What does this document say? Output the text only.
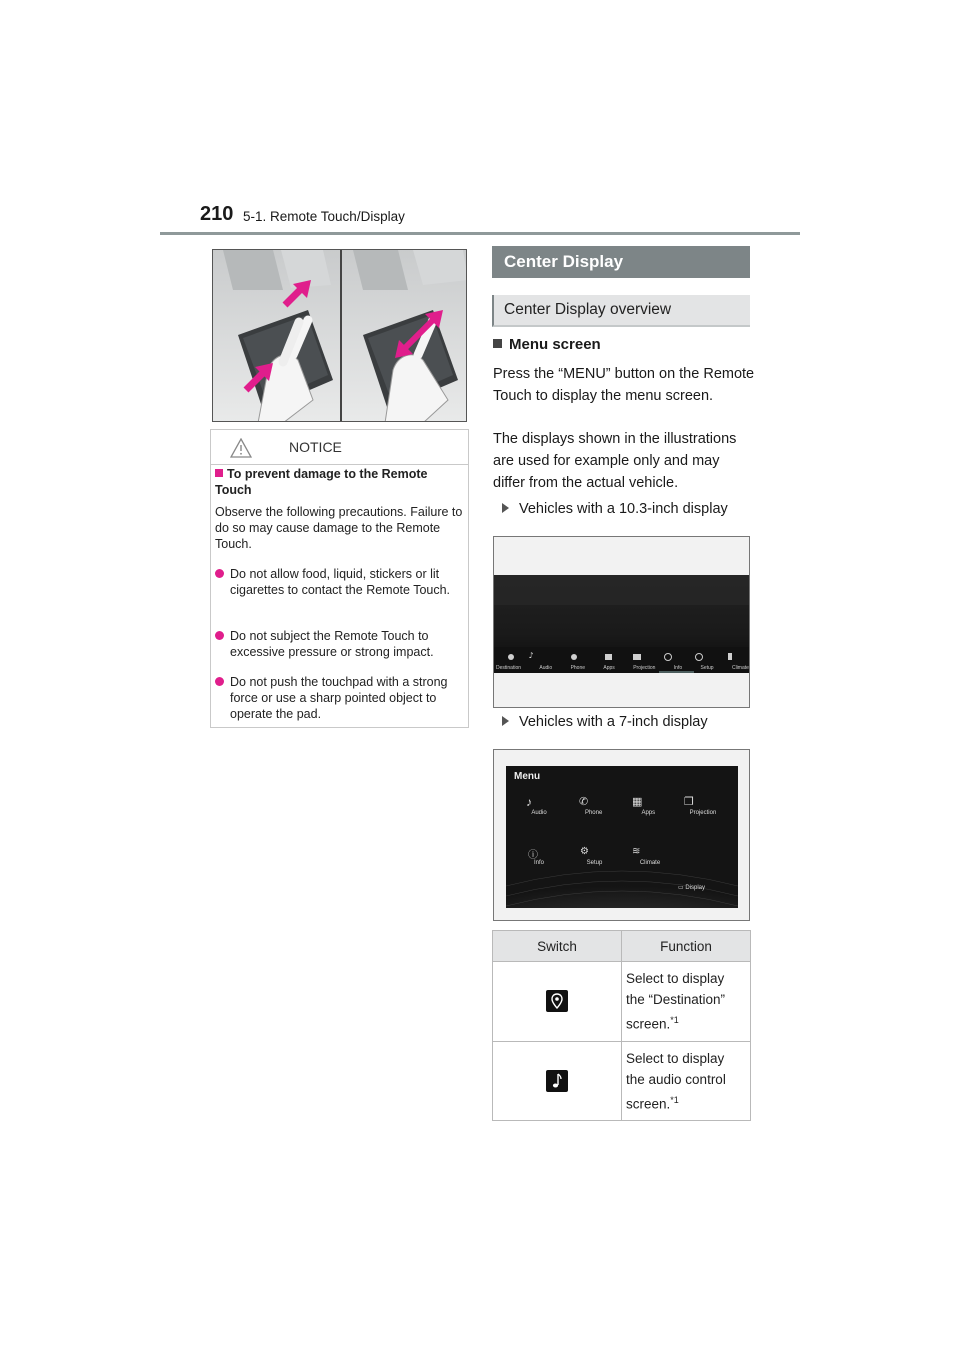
210 5-1. Remote Touch/Display
NOTICE
To prevent damage to the Remote Touch
Observe the following precautions. Failure to do so may cause damage to the Remote Touch.
Do not allow food, liquid, stickers or lit cigarettes to contact the Remote Touch.
Do not subject the Remote Touch to excessive pressure or strong impact.
Do not push the touchpad with a strong force or use a sharp pointed object to operate the pad.
Center Display
Center Display overview
Menu screen
Press the “MENU” button on the Remote Touch to display the menu screen.
The displays shown in the illustrations are used for example only and may differ from the actual vehicle.
Vehicles with a 10.3-inch display
♪
Destination	Audio	Phone	Apps	Projection	Info	Setup	Climate
Vehicles with a 7-inch display
Menu
♪	✆	▦	❐
Audio	Phone	Apps	Projection
ⓘ	⚙	≋
Info	Setup	Climate
▭ Display
Switch	Function
	Select to display the “Destination” screen.$^{*1}$
	Select to display the audio control screen.$^{*1}$
